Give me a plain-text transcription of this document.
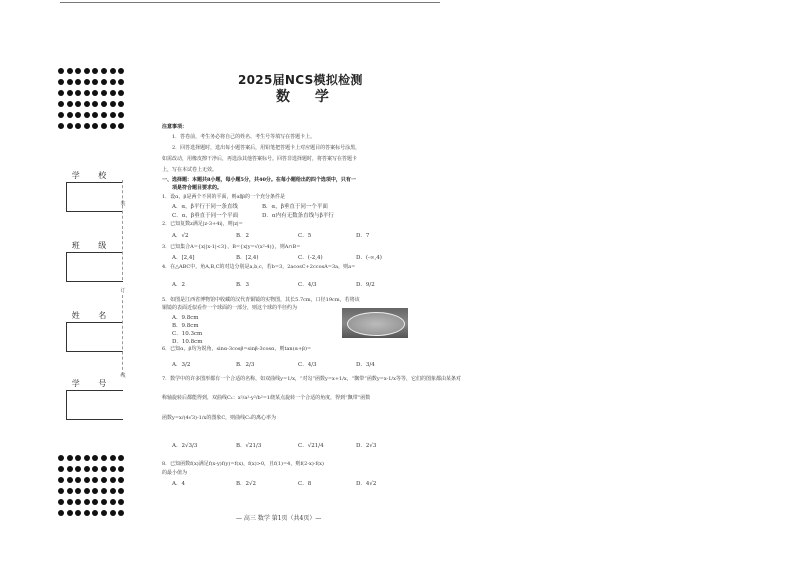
学 校
班 级
姓 名
学 号
装
订
线
2025届NCS模拟检测
数 学
注意事项：
1．答卷前，考生务必将自己的姓名、考生号等填写在答题卡上。
2．回答选择题时，选出每小题答案后，用铅笔把答题卡上对应题目的答案标号涂黑，
如需改动，用橡皮擦干净后，再选涂其他答案标号。回答非选择题时，将答案写在答题卡
上，写在本试卷上无效。
一、选择题：本题共8小题，每小题5分，共40分。在每小题给出的四个选项中，只有一
项是符合题目要求的。
1．设α，β是两个不同的平面，则α∥β的一个充分条件是
A．α，β平行于同一条直线	B．α，β垂直于同一个平面
C．α，β垂直于同一个平面	D．α内有无数条直线与β平行
2．已知复数z满足|z-3+4i|，则|z|=
A．√2	B．2	C．5	D．7
3．已知集合A={x||x-1|<3}，B={x|y=√(x²-4)}，则A∩B=
A．[2,4]	B．[2,4)	C．(-2,4)	D．(-∞,4)
4．在△ABC中，角A,B,C的对边分别是a,b,c，若b=3，2acosC+2ccosA=3a，则a=
A．2	B．3	C．4/3	D．9/2
5．如图是江西省博物馆中收藏的汉代青铜镜的实物图，其长5.7cm，口径19cm，若将该
铜镜的表面近似看作一个球面的一部分，则这个球的半径约为
A．9.8cm
B．9.8cm
C．10.3cm
D．10.8cm
6．已知α，β均为锐角，sinα-3cosβ=sinβ-3cosα，则tan(α+β)=
A．3/2	B．2/3	C．4/3	D．3/4
7．数学中的许多图形都有一个合适的名称，如双曲线y=1/x，“对勾”函数y=x+1/x，“飘带”函数y=x-1/x等等，它们的图象都由某条对
称轴旋转后都能得到，双曲线C₁：x²/a²-y²/b²=1绕某点旋转一个合适的角度，得到“飘带”函数
函数y=x/(4√3)-1/x的图象C，则曲线C₁的离心率为
A．2√3/3	B．√21/3	C．√21/4	D．2√3
8．已知函数f(x)满足f(x-y)f(y)=f(x)，f(x)>0，且f(1)=4，则f(2-x)·f(x)
的最小值为
A．4	B．2√2	C．8	D．4√2
— 高三 数学 第1页（共4页）—
